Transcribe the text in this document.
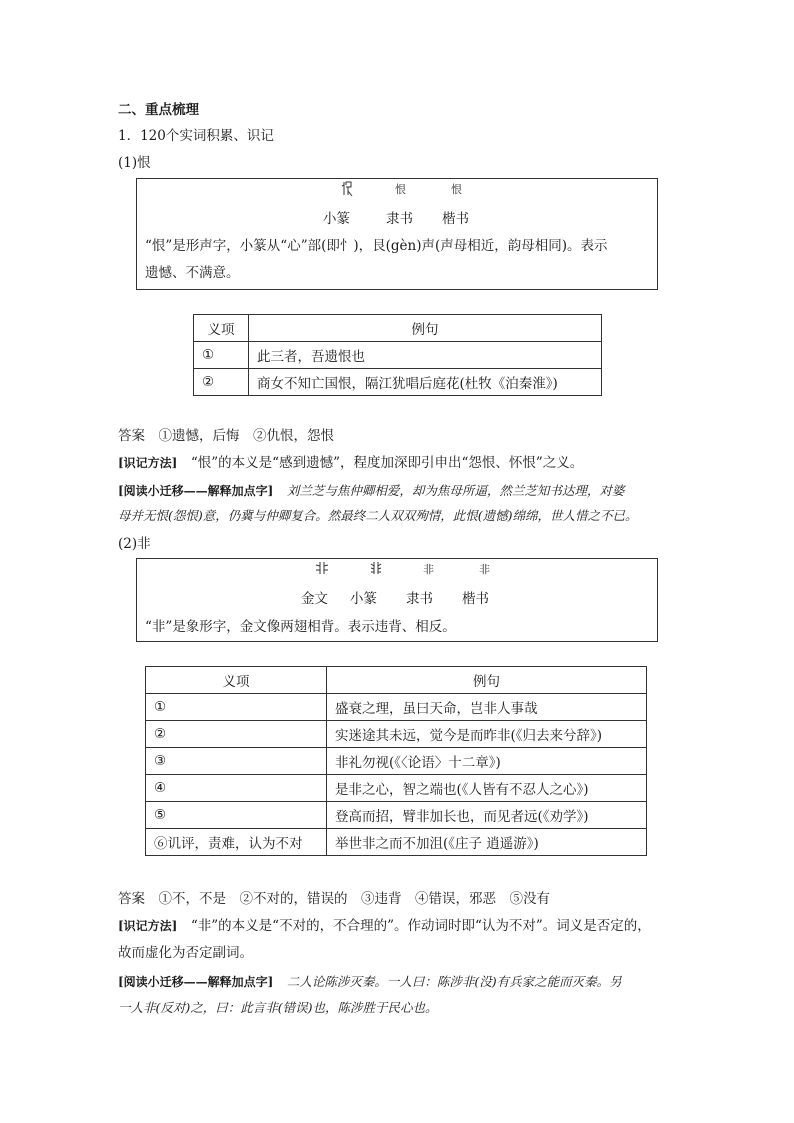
二、重点梳理
1．120个实词积累、识记
(1)恨
恨	恨
小篆	隶书 楷书
“恨”是形声字，小篆从“心”部(即忄)，艮(gèn)声(声母相近，韵母相同)。表示
遗憾、不满意。
义项	例句
①	此三者，吾遗恨也
②	商女不知亡国恨，隔江犹唱后庭花(杜牧《泊秦淮》)
答案　 ①遗憾，后悔　②仇恨，怨恨
[识记方法]　 “恨”的本义是“感到遗憾”，程度加深即引申出“怨恨、怀恨”之义。
[阅读小迁移——解释加点字]　 刘兰芝与焦仲卿相爱，却为焦母所逼，然兰芝知书达理，对婆
母并无恨(怨恨)意，仍冀与仲卿复合。然最终二人双双殉情，此恨(遗憾)绵绵，世人惜之不已。
(2)非
非	非
金文 小篆 隶书 楷书
“非”是象形字，金文像两翅相背。表示违背、相反。
义项	例句
①	盛衰之理，虽曰天命，岂非人事哉
②	实迷途其未远，觉今是而昨非(《归去来兮辞》)
③	非礼勿视(《〈论语〉十二章》)
④	是非之心，智之端也(《人皆有不忍人之心》)
⑤	登高而招，臂非加长也，而见者远(《劝学》)
⑥讥评，责难，认为不对	举世非之而不加沮(《庄子 逍遥游》)
答案　 ①不，不是　②不对的，错误的　③违背　④错误，邪恶　⑤没有
[识记方法]　 “非”的本义是“不对的，不合理的”。作动词时即“认为不对”。词义是否定的，
故而虚化为否定副词。
[阅读小迁移——解释加点字]　 二人论陈涉灭秦。一人曰：陈涉非(没)有兵家之能而灭秦。另
一人非(反对)之，曰：此言非(错误)也，陈涉胜于民心也。
